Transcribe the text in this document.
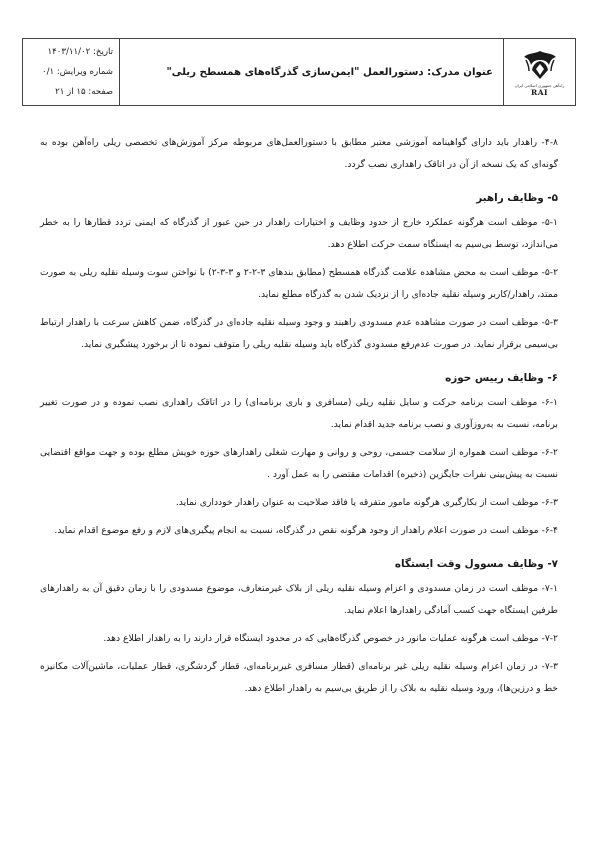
راه‌آهن جمهوری اسلامی ایران
RAI
عنوان مدرک: دستورالعمل "ایمن‌سازی گذرگاه‌های همسطح ریلی"
تاریخ: ۱۴۰۳/۱۱/۰۲
شماره ویرایش: ۰/۱
صفحه: ۱۵ از ۲۱

۴-۸- راهدار باید دارای گواهینامه آموزشی معتبر مطابق با دستورالعمل‌های مربوطه مرکز آموزش‌های تخصصی ریلی راه‌آهن بوده به گونه‌ای که یک نسخه از آن در اتاقک راهداری نصب گردد.

۵- وظایف راهبر

۵-۱- موظف است هرگونه عملکرد خارج از حدود وظایف و اختیارات راهدار در حین عبور از گذرگاه که ایمنی تردد قطارها را به خطر می‌اندازد، توسط بی‌سیم به ایستگاه سمت حرکت اطلاع دهد.

۵-۲- موظف است به محض مشاهده علامت گذرگاه همسطح (مطابق بندهای ۳-۲-۲ و ۳-۳-۲) با نواختن سوت وسیله نقلیه ریلی به صورت ممتد، راهدار/کاربر وسیله نقلیه جاده‌ای را از نزدیک شدن به گذرگاه مطلع نماید.

۵-۳- موظف است در صورت مشاهده عدم مسدودی راهبند و وجود وسیله نقلیه جاده‌ای در گذرگاه، ضمن کاهش سرعت با راهدار ارتباط بی‌سیمی برقرار نماید. در صورت عدم‌رفع مسدودی گذرگاه باید وسیله نقلیه ریلی را متوقف نموده تا از برخورد پیشگیری نماید.

۶- وظایف رییس حوزه

۶-۱- موظف است برنامه حرکت و سایل نقلیه ریلی (مسافری و باری برنامه‌ای) را در اتاقک راهداری نصب نموده و در صورت تغییر برنامه، نسبت به به‌روزآوری و نصب برنامه جدید اقدام نماید.

۶-۲- موظف است همواره از سلامت جسمی، روحی و روانی و مهارت شغلی راهدارهای حوزه خویش مطلع بوده و جهت مواقع اقتضایی نسبت به پیش‌بینی نفرات جایگزین (ذخیره) اقدامات مقتضی را به عمل آورد .

۶-۳- موظف است از بکارگیری هرگونه مامور متفرقه یا فاقد صلاحیت به عنوان راهدار خودداری نماید.

۶-۴- موظف است در صورت اعلام راهدار از وجود هرگونه نقص در گذرگاه، نسبت به انجام پیگیری‌های لازم و رفع موضوع اقدام نماید.

۷- وظایف مسوول وقت ایستگاه

۷-۱- موظف است در زمان مسدودی و اعزام وسیله نقلیه ریلی از بلاک غیرمتعارف، موضوع مسدودی را با زمان دقیق آن به راهدارهای طرفین ایستگاه جهت کسب آمادگی راهدارها اعلام نماید.

۷-۲- موظف است هرگونه عملیات مانور در خصوص گذرگاه‌هایی که در محدود ایستگاه قرار دارند را به راهدار اطلاع دهد.

۷-۳- در زمان اعزام وسیله نقلیه ریلی غیر برنامه‌ای (قطار مسافری غیربرنامه‌ای، قطار گردشگری، قطار عملیات، ماشین‌آلات مکانیزه خط و درزین‌ها)، ورود وسیله نقلیه به بلاک را از طریق بی‌سیم به راهدار اطلاع دهد.
